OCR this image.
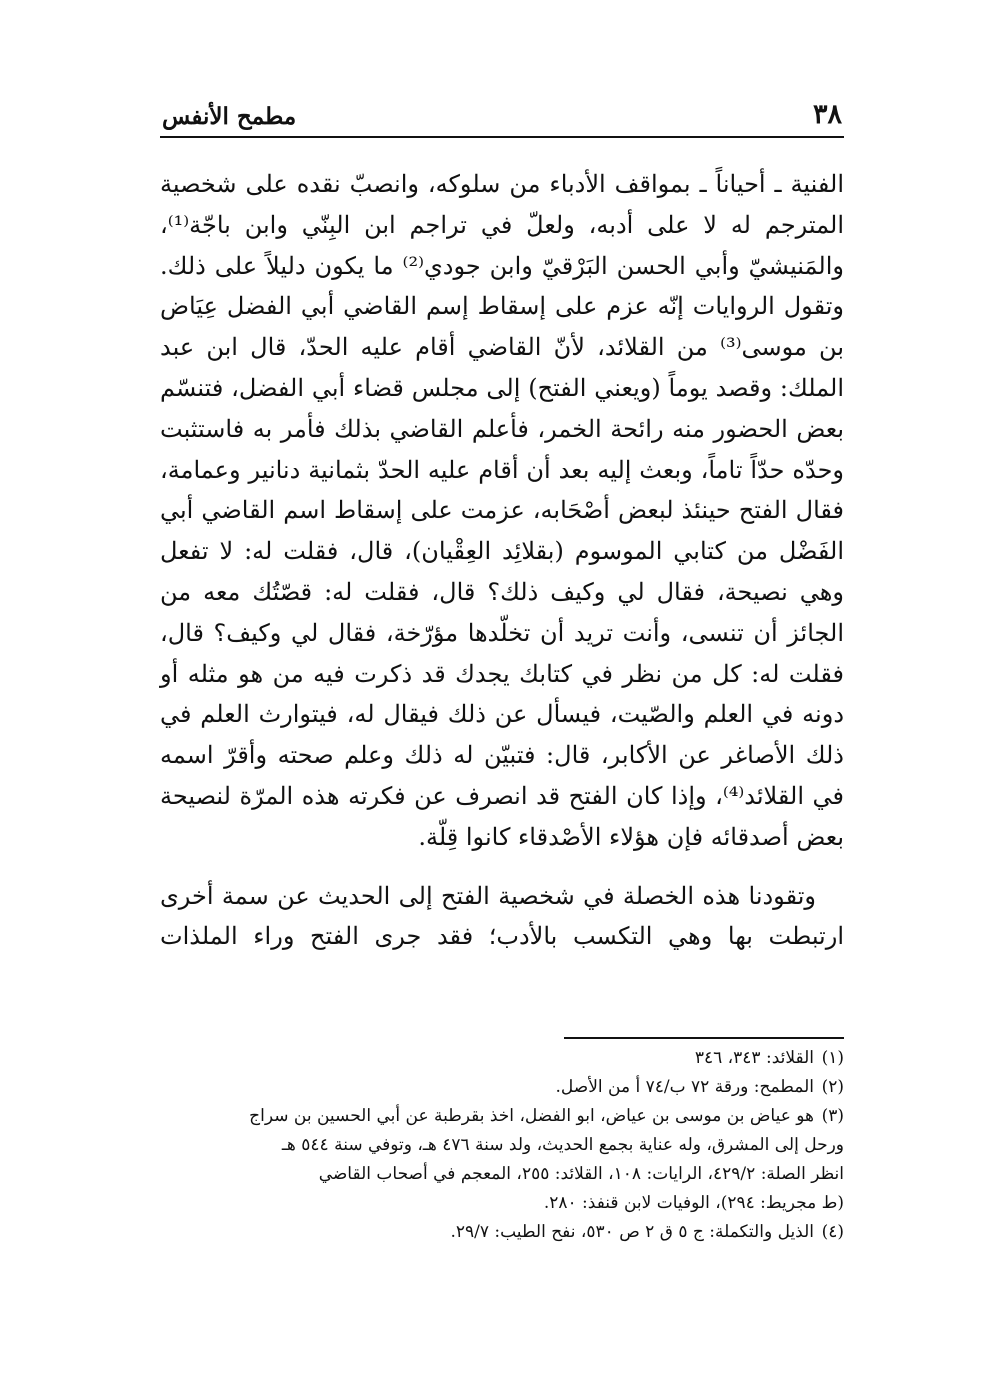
٣٨
مطمح الأنفس

الفنية ـ أحياناً ـ بمواقف الأدباء من سلوكه، وانصبّ نقده على شخصية المترجم له لا على أدبه، ولعلّ في تراجم ابن البِنّي وابن باجّة⁽¹⁾، والمَنيشيّ وأبي الحسن البَرْقيّ وابن جودي⁽²⁾ ما يكون دليلاً على ذلك. وتقول الروايات إنّه عزم على إسقاط إسم القاضي أبي الفضل عِيَاض بن موسى⁽³⁾ من القلائد، لأنّ القاضي أقام عليه الحدّ، قال ابن عبد الملك: وقصد يوماً (ويعني الفتح) إلى مجلس قضاء أبي الفضل، فتنسّم بعض الحضور منه رائحة الخمر، فأعلم القاضي بذلك فأمر به فاستثبت وحدّه حدّاً تاماً، وبعث إليه بعد أن أقام عليه الحدّ بثمانية دنانير وعمامة، فقال الفتح حينئذ لبعض أصْحَابه، عزمت على إسقاط اسم القاضي أبي الفَضْل من كتابي الموسوم (بقلائِد العِقْيان)، قال، فقلت له: لا تفعل وهي نصيحة، فقال لي وكيف ذلك؟ قال، فقلت له: قصّتُك معه من الجائز أن تنسى، وأنت تريد أن تخلّدها مؤرّخة، فقال لي وكيف؟ قال، فقلت له: كل من نظر في كتابك يجدك قد ذكرت فيه من هو مثله أو دونه في العلم والصّيت، فيسأل عن ذلك فيقال له، فيتوارث العلم في ذلك الأصاغر عن الأكابر، قال: فتبيّن له ذلك وعلم صحته وأقرّ اسمه في القلائد⁽⁴⁾، وإذا كان الفتح قد انصرف عن فكرته هذه المرّة لنصيحة بعض أصدقائه فإن هؤلاء الأصْدقاء كانوا قِلّة.

وتقودنا هذه الخصلة في شخصية الفتح إلى الحديث عن سمة أخرى ارتبطت بها وهي التكسب بالأدب؛ فقد جرى الفتح وراء الملذات

(١)القلائد: ٣٤٣، ٣٤٦

(٢)المطمح: ورقة ٧٢ ب/٧٤ أ من الأصل.

(٣)هو عياض بن موسى بن عياض، ابو الفضل، اخذ بقرطبة عن أبي الحسين بن سراج
ورحل إلى المشرق، وله عناية بجمع الحديث، ولد سنة ٤٧٦ هـ، وتوفي سنة ٥٤٤ هـ
انظر الصلة: ٤٢٩/٢، الرايات: ١٠٨، القلائد: ٢٥٥، المعجم في أصحاب القاضي
(ط مجريط: ٢٩٤)، الوفيات لابن قنفذ: ٢٨٠.

(٤)الذيل والتكملة: ج ٥ ق ٢ ص ٥٣٠، نفح الطيب: ٢٩/٧.
